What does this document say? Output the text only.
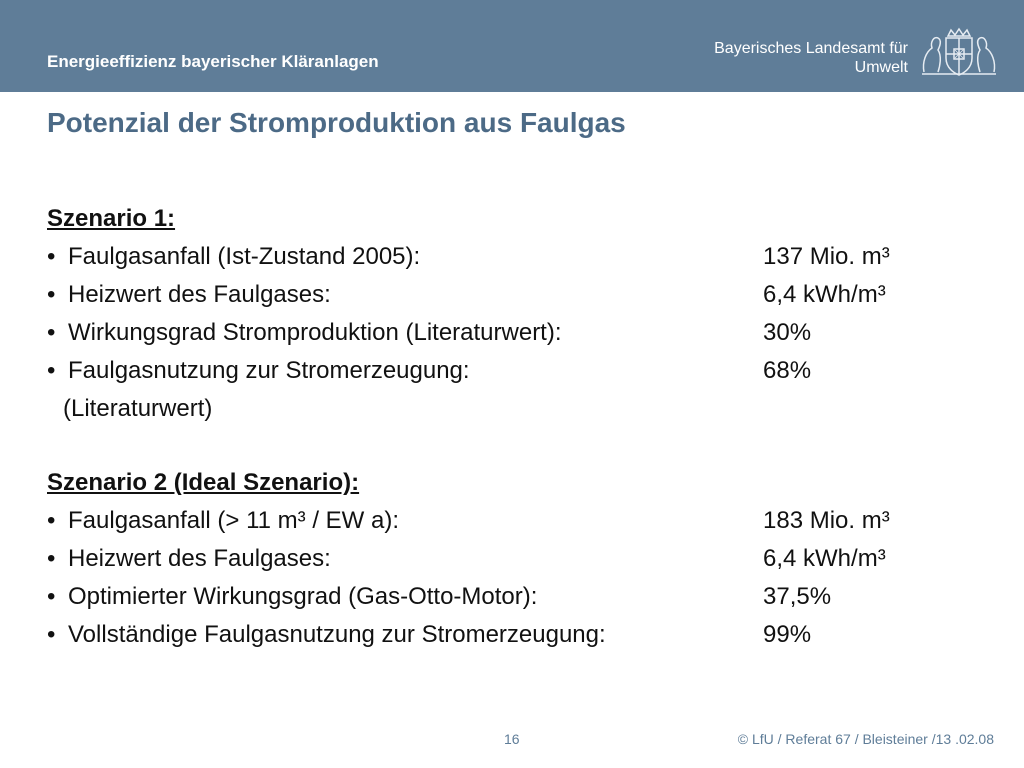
Energieeffizienz bayerischer Kläranlagen
Bayerisches Landesamt für
Umwelt
Potenzial der Stromproduktion aus Faulgas
Szenario 1:
• Faulgasanfall (Ist-Zustand 2005):	137 Mio. m³
• Heizwert des Faulgases:	6,4 kWh/m³
• Wirkungsgrad Stromproduktion (Literaturwert):	30%
• Faulgasnutzung zur Stromerzeugung:	68%
(Literaturwert)
Szenario 2 (Ideal Szenario):
• Faulgasanfall (> 11 m³ / EW a):	183 Mio. m³
• Heizwert des Faulgases:	6,4 kWh/m³
• Optimierter Wirkungsgrad (Gas-Otto-Motor):	37,5%
• Vollständige Faulgasnutzung zur Stromerzeugung:	99%
16	© LfU / Referat 67 / Bleisteiner /13 .02.08
